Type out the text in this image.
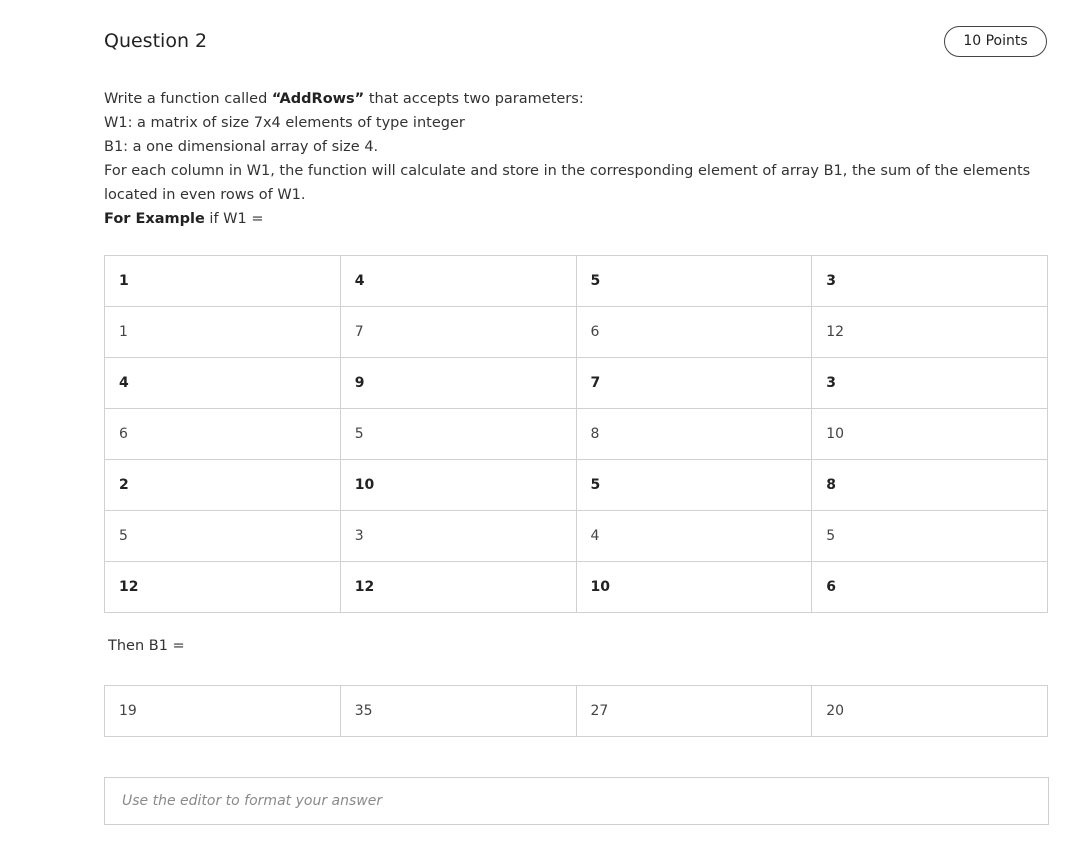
Question 2	10 Points
Write a function called “AddRows” that accepts two parameters:
W1: a matrix of size 7x4 elements of type integer
B1: a one dimensional array of size 4.
For each column in W1, the function will calculate and store in the corresponding element of array B1, the sum of the elements located in even rows of W1.
For Example if W1 =
1	4	5	3
1	7	6	12
4	9	7	3
6	5	8	10
2	10	5	8
5	3	4	5
12	12	10	6
Then B1 =
19	35	27	20
Use the editor to format your answer
